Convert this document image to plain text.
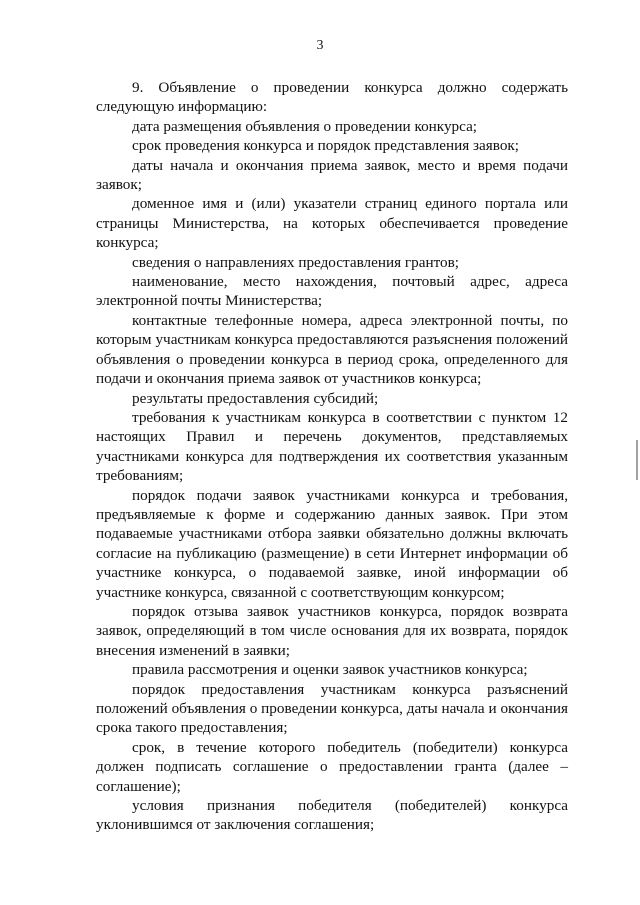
3

9. Объявление о проведении конкурса должно содержать следующую информацию:

дата размещения объявления о проведении конкурса;

срок проведения конкурса и порядок представления заявок;

даты начала и окончания приема заявок, место и время подачи заявок;

доменное имя и (или) указатели страниц единого портала или страницы Министерства, на которых обеспечивается проведение конкурса;

сведения о направлениях предоставления грантов;

наименование, место нахождения, почтовый адрес, адреса электронной почты Министерства;

контактные телефонные номера, адреса электронной почты, по которым участникам конкурса предоставляются разъяснения положений объявления о проведении конкурса в период срока, определенного для подачи и окончания приема заявок от участников конкурса;

результаты предоставления субсидий;

требования к участникам конкурса в соответствии с пунктом 12 настоящих Правил и перечень документов, представляемых участниками конкурса для подтверждения их соответствия указанным требованиям;

порядок подачи заявок участниками конкурса и требования, предъявляемые к форме и содержанию данных заявок. При этом подаваемые участниками отбора заявки обязательно должны включать согласие на публикацию (размещение) в сети Интернет информации об участнике конкурса, о подаваемой заявке, иной информации об участнике конкурса, связанной с соответствующим конкурсом;

порядок отзыва заявок участников конкурса, порядок возврата заявок, определяющий в том числе основания для их возврата, порядок внесения изменений в заявки;

правила рассмотрения и оценки заявок участников конкурса;

порядок предоставления участникам конкурса разъяснений положений объявления о проведении конкурса, даты начала и окончания срока такого предоставления;

срок, в течение которого победитель (победители) конкурса должен подписать соглашение о предоставлении гранта (далее – соглашение);

условия признания победителя (победителей) конкурса уклонившимся от заключения соглашения;
